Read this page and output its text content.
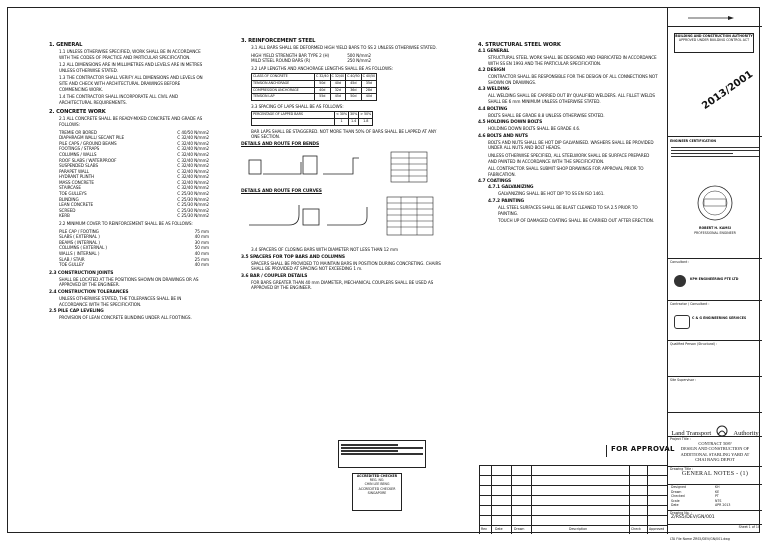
1. GENERAL
1.1 UNLESS OTHERWISE SPECIFIED, WORK SHALL BE IN ACCORDANCE WITH THE CODES OF PRACTICE AND PARTICULAR SPECIFICATION.
1.2 ALL DIMENSIONS ARE IN MILLIMETRES AND LEVELS ARE IN METRES UNLESS OTHERWISE STATED.
1.3 THE CONTRACTOR SHALL VERIFY ALL DIMENSIONS AND LEVELS ON SITE AND CHECK WITH ARCHITECTURAL DRAWINGS BEFORE COMMENCING WORK.
1.4 THE CONTRACTOR SHALL INCORPORATE ALL CIVIL AND ARCHITECTURAL REQUIREMENTS.
2. CONCRETE WORK
2.1 ALL CONCRETE SHALL BE READY-MIXED CONCRETE AND GRADE AS FOLLOWS:
TREMIE OR BORED	C 40/50 N/mm2
DIAPHRAGM WALL/ SECANT PILE	C 32/40 N/mm2
PILE CAPS / GROUND BEAMS	C 32/40 N/mm2
FOOTINGS / STRAPS	C 32/40 N/mm2
COLUMNS / WALLS	C 32/40 N/mm2
ROOF SLABS / WATERPROOF	C 32/40 N/mm2
SUSPENDED SLABS	C 32/40 N/mm2
PARAPET WALL	C 32/40 N/mm2
HYDRANT PLINTH	C 32/40 N/mm2
MASS CONCRETE	C 32/40 N/mm2
STAIRCASE	C 32/40 N/mm2
TOE GULLEYS	C 25/30 N/mm2
BLINDING	C 25/30 N/mm2
LEAN CONCRETE	C 25/30 N/mm2
SCREED	C 25/30 N/mm2
KERB	C 25/30 N/mm2
2.2 MINIMUM COVER TO REINFORCEMENT SHALL BE AS FOLLOWS:
PILE CAP / FOOTING	75 mm
SLABS ( EXTERNAL )	40 mm
BEAMS ( INTERNAL )	30 mm
COLUMNS ( EXTERNAL )	50 mm
WALLS ( INTERNAL )	40 mm
SLAB / STAIR	25 mm
TOE GULLEY	40 mm
2.3 CONSTRUCTION JOINTS
SHALL BE LOCATED AT THE POSITIONS SHOWN ON DRAWINGS OR AS APPROVED BY THE ENGINEER.
2.4 CONSTRUCTION TOLERANCES
UNLESS OTHERWISE STATED, THE TOLERANCES SHALL BE IN ACCORDANCE WITH THE SPECIFICATION.
2.5 PILE CAP LEVELING
PROVISION OF LEAN CONCRETE BLINDING UNDER ALL FOOTINGS.
3. REINFORCEMENT STEEL
3.1 ALL BARS SHALL BE DEFORMED HIGH YIELD BARS TO SS 2 UNLESS OTHERWISE STATED.
HIGH YIELD STRENGTH BAR TYPE 2 (H)	500 N/mm2
MILD STEEL ROUND BARS (R)	250 N/mm2
3.2 LAP LENGTHS AND ANCHORAGE LENGTHS SHALL BE AS FOLLOWS:
CLASS OF CONCRETE	C 32/40	C 32/40	C 40/50	C 40/50
TENSION ANCHORAGE	50d	40d	45d	35d
COMPRESSION ANCHORAGE	40d	32d	36d	28d
TENSION LAP	55d	45d	50d	40d
3.3 SPACING OF LAPS SHALL BE AS FOLLOWS:
PERCENTAGE OF LAPPED BARS	< 30%	30%	> 50%
	1	1.4	1.8
BAR LAPS SHALL BE STAGGERED. NOT MORE THAN 50% OF BARS SHALL BE LAPPED AT ANY ONE SECTION.
DETAILS AND ROUTE FOR BENDS
DETAILS AND ROUTE FOR CURVES
3.4 SPACERS OF CLOSING BARS WITH DIAMETER NOT LESS THAN 12 mm
3.5 SPACERS FOR TOP BARS AND COLUMNS
SPACERS SHALL BE PROVIDED TO MAINTAIN BARS IN POSITION DURING CONCRETING. CHAIRS SHALL BE PROVIDED AT SPACING NOT EXCEEDING 1 m.
3.6 BAR / COUPLER DETAILS
FOR BARS GREATER THAN 40 mm DIAMETER, MECHANICAL COUPLERS SHALL BE USED AS APPROVED BY THE ENGINEER.
ACCREDITED CHECKER
REG. NO.
CHIN LEE BENG
ACCREDITED CHECKER
SINGAPORE
4. STRUCTURAL STEEL WORK
4.1 GENERAL
STRUCTURAL STEEL WORK SHALL BE DESIGNED AND FABRICATED IN ACCORDANCE WITH SS EN 1993 AND THE PARTICULAR SPECIFICATION.
4.2 DESIGN
CONTRACTOR SHALL BE RESPONSIBLE FOR THE DESIGN OF ALL CONNECTIONS NOT SHOWN ON DRAWINGS.
4.3 WELDING
ALL WELDING SHALL BE CARRIED OUT BY QUALIFIED WELDERS. ALL FILLET WELDS SHALL BE 6 mm MINIMUM UNLESS OTHERWISE STATED.
4.4 BOLTING
BOLTS SHALL BE GRADE 8.8 UNLESS OTHERWISE STATED.
4.5 HOLDING DOWN BOLTS
HOLDING DOWN BOLTS SHALL BE GRADE 4.6.
4.6 BOLTS AND NUTS
BOLTS AND NUTS SHALL BE HOT DIP GALVANISED. WASHERS SHALL BE PROVIDED UNDER ALL NUTS AND BOLT HEADS.
UNLESS OTHERWISE SPECIFIED, ALL STEELWORK SHALL BE SURFACE PREPARED AND PAINTED IN ACCORDANCE WITH THE SPECIFICATION.
ALL CONTRACTOR SHALL SUBMIT SHOP DRAWINGS FOR APPROVAL PRIOR TO FABRICATION.
4.7 COATINGS
4.7.1 GALVANIZING
GALVANIZING SHALL BE HOT DIP TO SS EN ISO 1461.
4.7.2 PAINTING
ALL STEEL SURFACES SHALL BE BLAST CLEANED TO SA 2.5 PRIOR TO PAINTING.
TOUCH UP OF DAMAGED COATING SHALL BE CARRIED OUT AFTER ERECTION.
FOR APPROVAL
Rev	Date	Drawn	Description	Check	Approved
BUILDING AND CONSTRUCTION AUTHORITY
APPROVED UNDER BUILDING CONTROL ACT
2013/2001
ENGINEER CERTIFICATION
ROBERT H. KAMSI
PROFESSIONAL ENGINEER
Consultant :
KPH ENGINEERING PTE LTD
Contractor / Consultant :
C & G ENGINEERING SERVICES
Qualified Person (Structural) :
Site Supervisor :
$_{Land Transport}$	$_{Authority}$
Project Title :
CONTRACT 508?
DESIGN AND CONSTRUCTION OF
ADDITIONAL STABLING YARD AT
CHAI BANG DEPOT
Drawing Title :
GENERAL NOTES - (1)
Designed	KH
Drawn	KE
Checked	PT
Scale	NTS
Date	APR 2013
Drawing No. :
Z/RS5/DEV/GN/001
LTA File Name ZRS5/DEV/GN/001.dwg
Sheet 1 of 10
